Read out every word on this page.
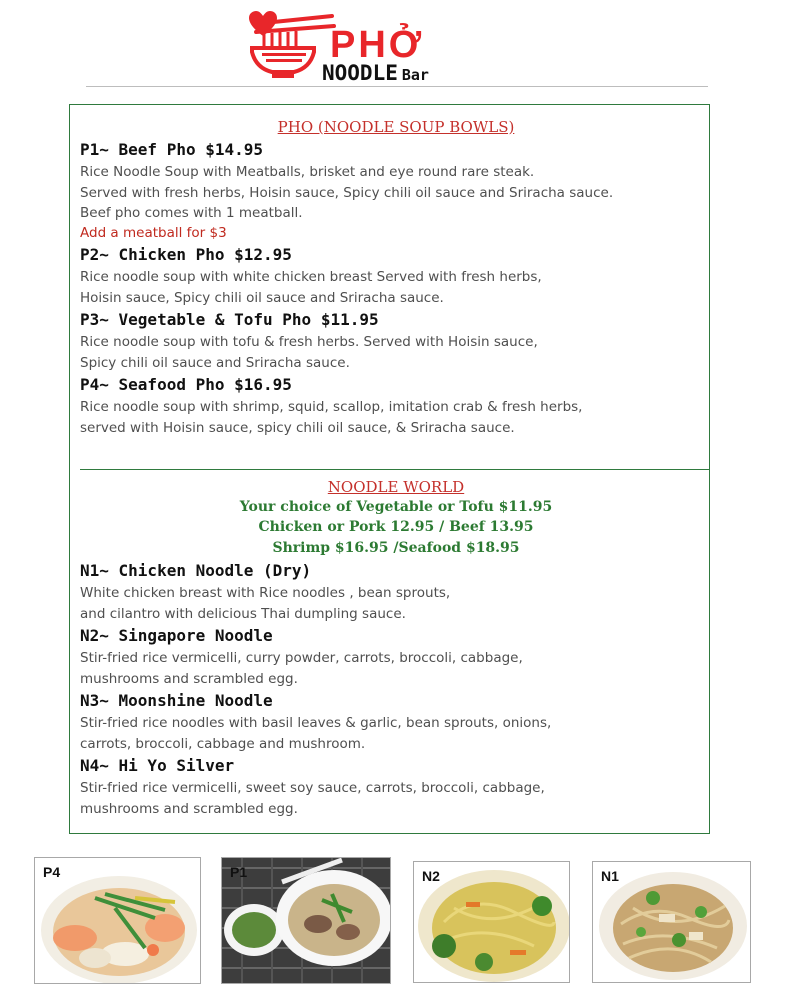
PHỞ
NOODLE Bar
PHO (NOODLE SOUP BOWLS)
P1~ Beef Pho $14.95
Rice Noodle Soup with Meatballs, brisket and eye round rare steak.
Served with fresh herbs, Hoisin sauce, Spicy chili oil sauce and Sriracha sauce.
Beef pho comes with 1 meatball.
Add a meatball for $3
P2~ Chicken Pho $12.95
Rice noodle soup with white chicken breast Served with fresh herbs,
Hoisin sauce, Spicy chili oil sauce and Sriracha sauce.
P3~ Vegetable & Tofu Pho $11.95
Rice noodle soup with tofu & fresh herbs. Served with Hoisin sauce,
Spicy chili oil sauce and Sriracha sauce.
P4~ Seafood Pho $16.95
Rice noodle soup with shrimp, squid, scallop, imitation crab & fresh herbs,
served with Hoisin sauce, spicy chili oil sauce, & Sriracha sauce.
NOODLE WORLD
Your choice of Vegetable or Tofu $11.95
Chicken or Pork 12.95 / Beef 13.95
Shrimp $16.95 /Seafood $18.95
N1~ Chicken Noodle (Dry)
White chicken breast with Rice noodles , bean sprouts,
and cilantro with delicious Thai dumpling sauce.
N2~ Singapore Noodle
Stir-fried rice vermicelli, curry powder, carrots, broccoli, cabbage,
mushrooms and scrambled egg.
N3~ Moonshine Noodle
Stir-fried rice noodles with basil leaves & garlic, bean sprouts, onions,
carrots, broccoli, cabbage and mushroom.
N4~ Hi Yo Silver
Stir-fried rice vermicelli, sweet soy sauce, carrots, broccoli, cabbage,
mushrooms and scrambled egg.
P4	P1	N2	N1
